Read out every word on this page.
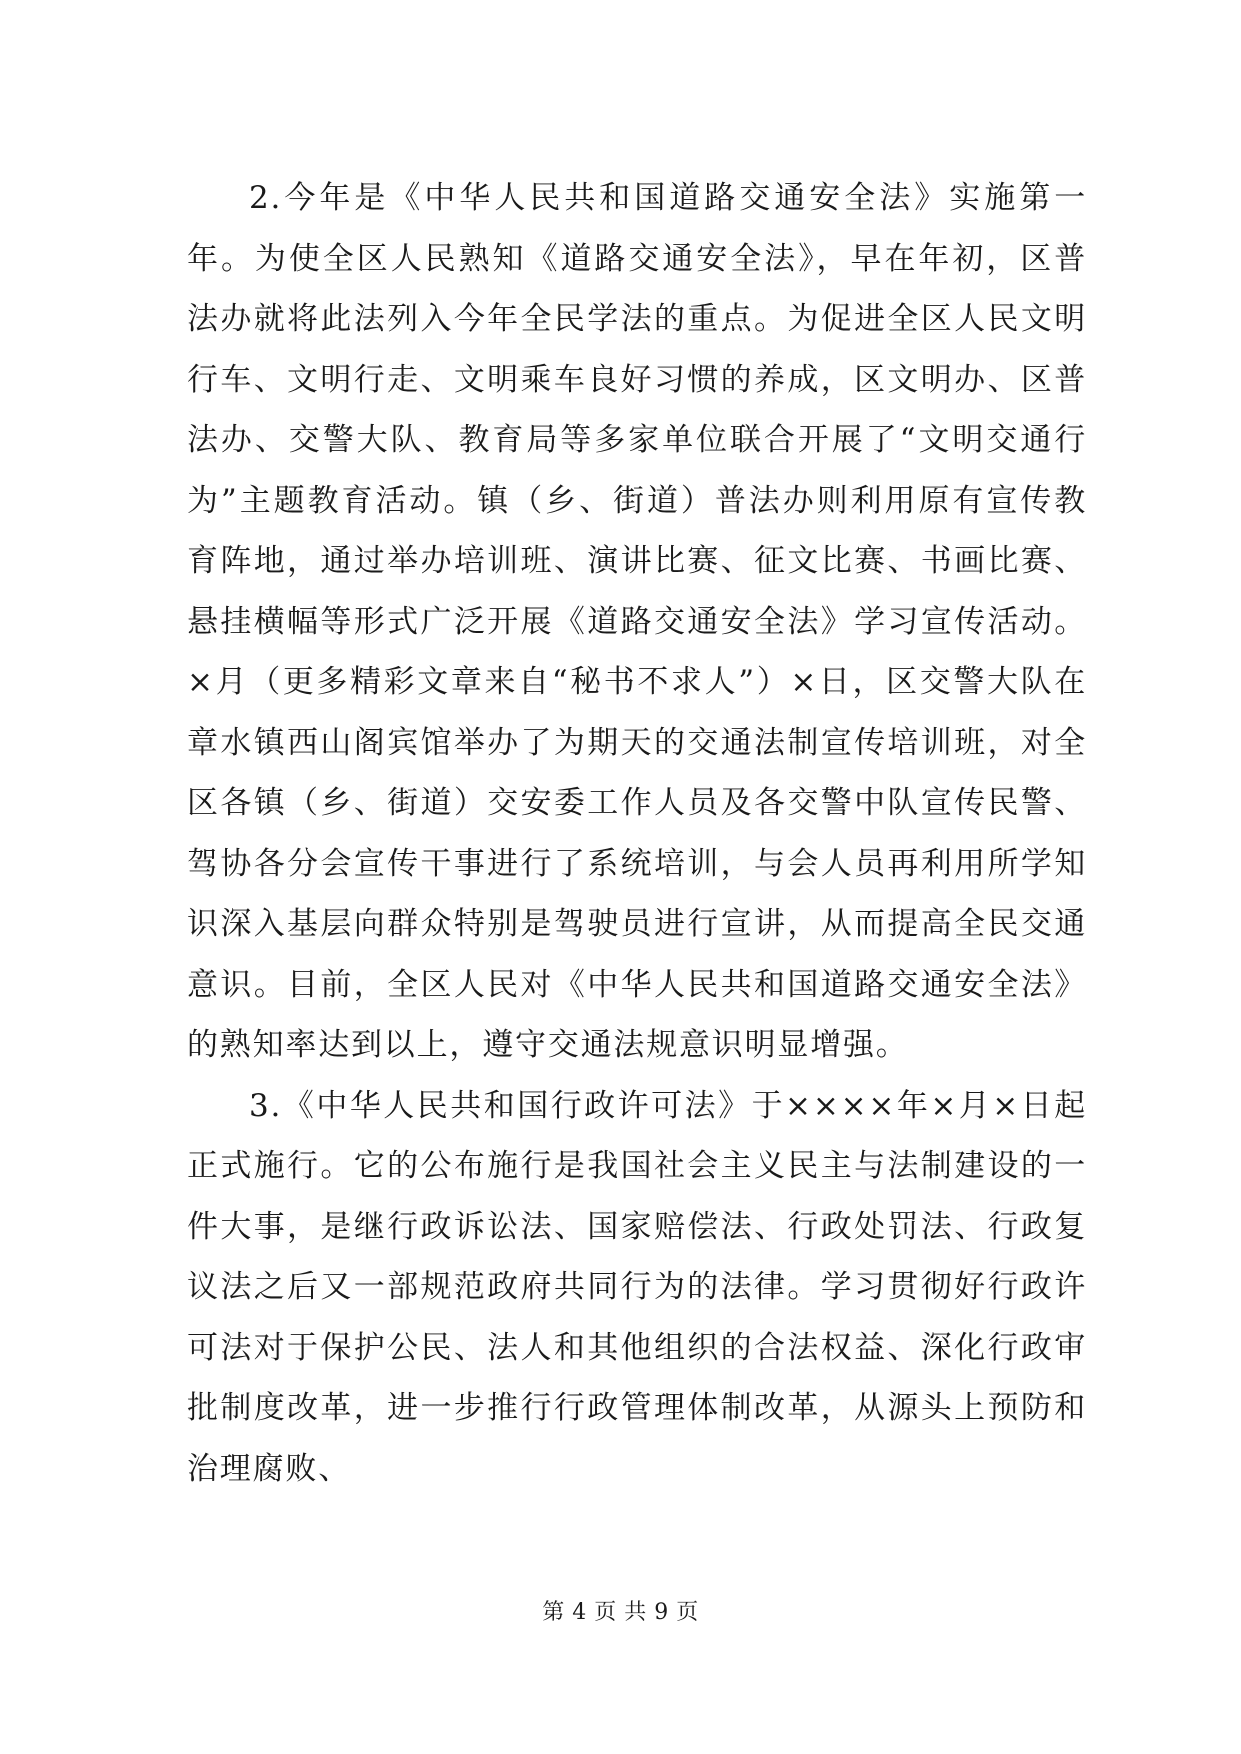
2.今年是《中华人民共和国道路交通安全法》实施第一年。为使全区人民熟知《道路交通安全法》，早在年初，区普法办就将此法列入今年全民学法的重点。为促进全区人民文明行车、文明行走、文明乘车良好习惯的养成，区文明办、区普法办、交警大队、教育局等多家单位联合开展了“文明交通行为”主题教育活动。镇（乡、街道）普法办则利用原有宣传教育阵地，通过举办培训班、演讲比赛、征文比赛、书画比赛、悬挂横幅等形式广泛开展《道路交通安全法》学习宣传活动。×月（更多精彩文章来自“秘书不求人”）×日，区交警大队在章水镇西山阁宾馆举办了为期天的交通法制宣传培训班，对全区各镇（乡、街道）交安委工作人员及各交警中队宣传民警、驾协各分会宣传干事进行了系统培训，与会人员再利用所学知识深入基层向群众特别是驾驶员进行宣讲，从而提高全民交通意识。目前，全区人民对《中华人民共和国道路交通安全法》的熟知率达到以上，遵守交通法规意识明显增强。

3.《中华人民共和国行政许可法》于××××年×月×日起正式施行。它的公布施行是我国社会主义民主与法制建设的一件大事，是继行政诉讼法、国家赔偿法、行政处罚法、行政复议法之后又一部规范政府共同行为的法律。学习贯彻好行政许可法对于保护公民、法人和其他组织的合法权益、深化行政审批制度改革，进一步推行行政管理体制改革，从源头上预防和治理腐败、

第 4 页 共 9 页
